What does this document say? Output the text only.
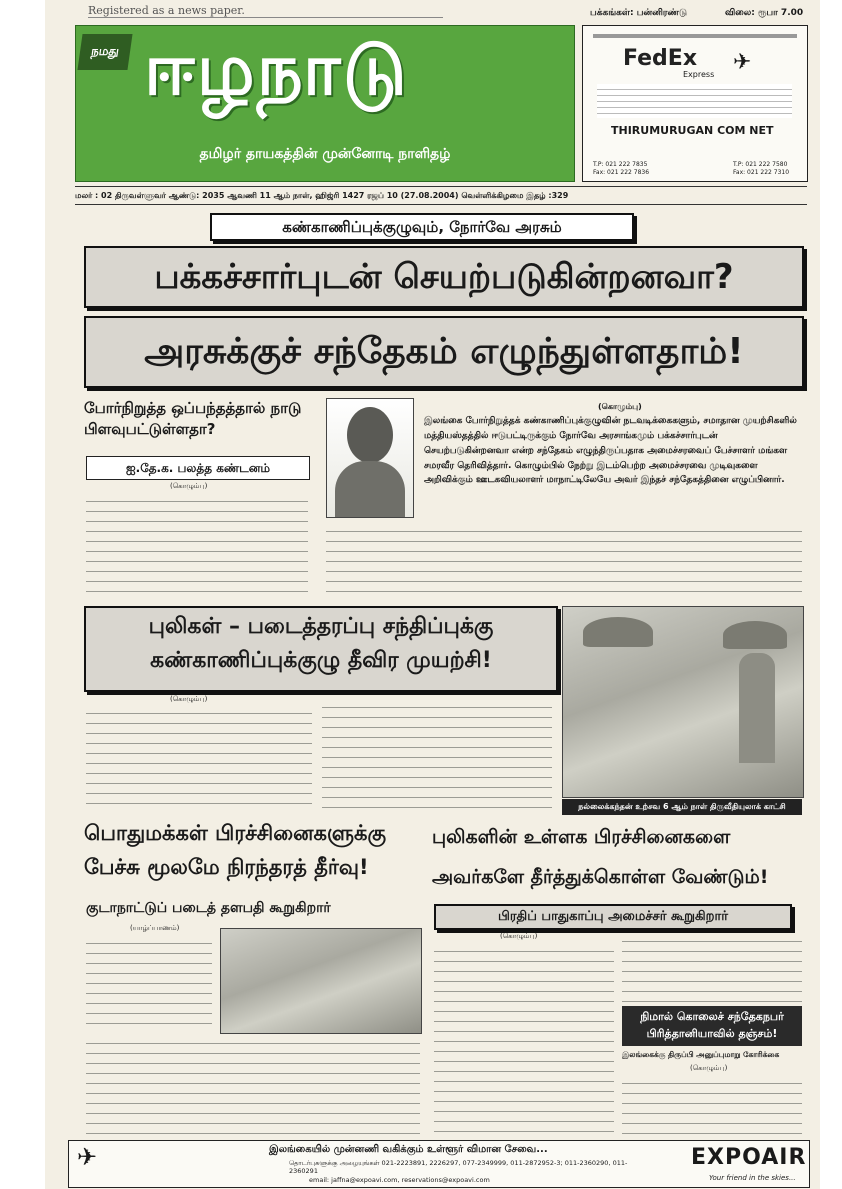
Registered as a news paper.	பக்கங்கள்: பன்னிரண்டு	விலை: ரூபா 7.00
நமது ஈழநாடு
தமிழர் தாயகத்தின் முன்னோடி நாளிதழ்
FedEx
Express ✈
THIRUMURUGAN COM NET
T.P: 021 222 7835
Fax: 021 222 7836
T.P: 021 222 7580
Fax: 021 222 7310
மலர் : 02 திருவள்ளுவர் ஆண்டு: 2035 ஆவணி 11 ஆம் நாள், ஹிஜ்ரி 1427 ரஜப் 10 (27.08.2004) வெள்ளிக்கிழமை இதழ் :329
கண்காணிப்புக்குழுவும், நோர்வே அரசும்
பக்கச்சார்புடன் செயற்படுகின்றனவா?
அரசுக்குச் சந்தேகம் எழுந்துள்ளதாம்!
போர்நிறுத்த ஒப்பந்தத்தால் நாடு பிளவுபட்டுள்ளதா?
ஐ.தே.க. பலத்த கண்டனம்
(கொழும்பு)
(கொழும்பு)
இலங்கை போர்நிறுத்தக் கண்காணிப்புக்குழுவின் நடவடிக்கைகளும், சமாதான முயற்சிகளில் மத்தியஸ்தத்தில் ஈடுபட்டிருக்கும் நோர்வே அரசாங்கமும் பக்கச்சார்புடன் செயற்படுகின்றனவா என்ற சந்தேகம் எழுந்திருப்பதாக அமைச்சரவைப் பேச்சாளர் மங்கள சமரவீர தெரிவித்தார். கொழும்பில் நேற்று இடம்பெற்ற அமைச்சரவை முடிவுகளை அறிவிக்கும் ஊடகவியலாளர் மாநாட்டிலேயே அவர் இந்தச் சந்தேகத்தினை எழுப்பினார்.
புலிகள் – படைத்தரப்பு சந்திப்புக்கு
கண்காணிப்புக்குழு தீவிர முயற்சி!
(கொழும்பு)
நல்லைக்கந்தன் உற்சவ 6 ஆம் நாள் திருவீதியுலாக் காட்சி
பொதுமக்கள் பிரச்சினைகளுக்கு
பேச்சு மூலமே நிரந்தரத் தீர்வு!
குடாநாட்டுப் படைத் தளபதி கூறுகிறார்
(யாழ்ப்பாணம்)
புலிகளின் உள்ளக பிரச்சினைகளை
அவர்களே தீர்த்துக்கொள்ள வேண்டும்!
பிரதிப் பாதுகாப்பு அமைச்சர் கூறுகிறார்
(கொழும்பு)
நிமால் கொலைச் சந்தேகநபர்
பிரித்தானியாவில் தஞ்சம்!
இலங்கைக்கு திருப்பி அனுப்புமாறு கோரிக்கை
(கொழும்பு)
✈	இலங்கையில் முன்னணி வகிக்கும் உள்ளூர் விமான சேவை...
தொடர்புகளுக்கு அழையுங்கள் 021-2223891, 2226297, 077-2349999, 011-2872952-3; 011-2360290, 011-2360291
email: jaffna@expoavi.com, reservations@expoavi.com
EXPOAIR
Your friend in the skies...
